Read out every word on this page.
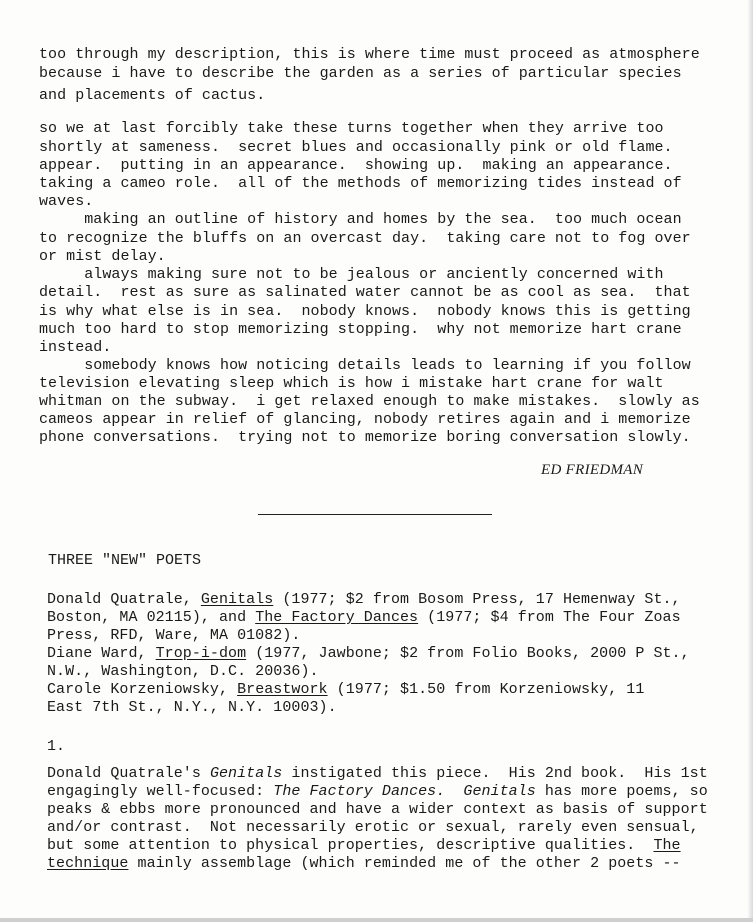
too through my description, this is where time must proceed as atmosphere
because i have to describe the garden as a series of particular species
and placements of cactus.
so we at last forcibly take these turns together when they arrive too
shortly at sameness.  secret blues and occasionally pink or old flame.
appear.  putting in an appearance.  showing up.  making an appearance.
taking a cameo role.  all of the methods of memorizing tides instead of
waves.
making an outline of history and homes by the sea.  too much ocean
to recognize the bluffs on an overcast day.  taking care not to fog over
or mist delay.
always making sure not to be jealous or anciently concerned with
detail.  rest as sure as salinated water cannot be as cool as sea.  that
is why what else is in sea.  nobody knows.  nobody knows this is getting
much too hard to stop memorizing stopping.  why not memorize hart crane
instead.
somebody knows how noticing details leads to learning if you follow
television elevating sleep which is how i mistake hart crane for walt
whitman on the subway.  i get relaxed enough to make mistakes.  slowly as
cameos appear in relief of glancing, nobody retires again and i memorize
phone conversations.  trying not to memorize boring conversation slowly.
ED FRIEDMAN
THREE "NEW" POETS
Donald Quatrale, Genitals (1977; $2 from Bosom Press, 17 Hemenway St.,
Boston, MA 02115), and The Factory Dances (1977; $4 from The Four Zoas
Press, RFD, Ware, MA 01082).
Diane Ward, Trop-i-dom (1977, Jawbone; $2 from Folio Books, 2000 P St.,
N.W., Washington, D.C. 20036).
Carole Korzeniowsky, Breastwork (1977; $1.50 from Korzeniowsky, 11
East 7th St., N.Y., N.Y. 10003).
1.
Donald Quatrale's Genitals instigated this piece.  His 2nd book.  His 1st
engagingly well-focused: The Factory Dances. Genitals has more poems, so
peaks & ebbs more pronounced and have a wider context as basis of support
and/or contrast.  Not necessarily erotic or sexual, rarely even sensual,
but some attention to physical properties, descriptive qualities.  The
technique mainly assemblage (which reminded me of the other 2 poets --
